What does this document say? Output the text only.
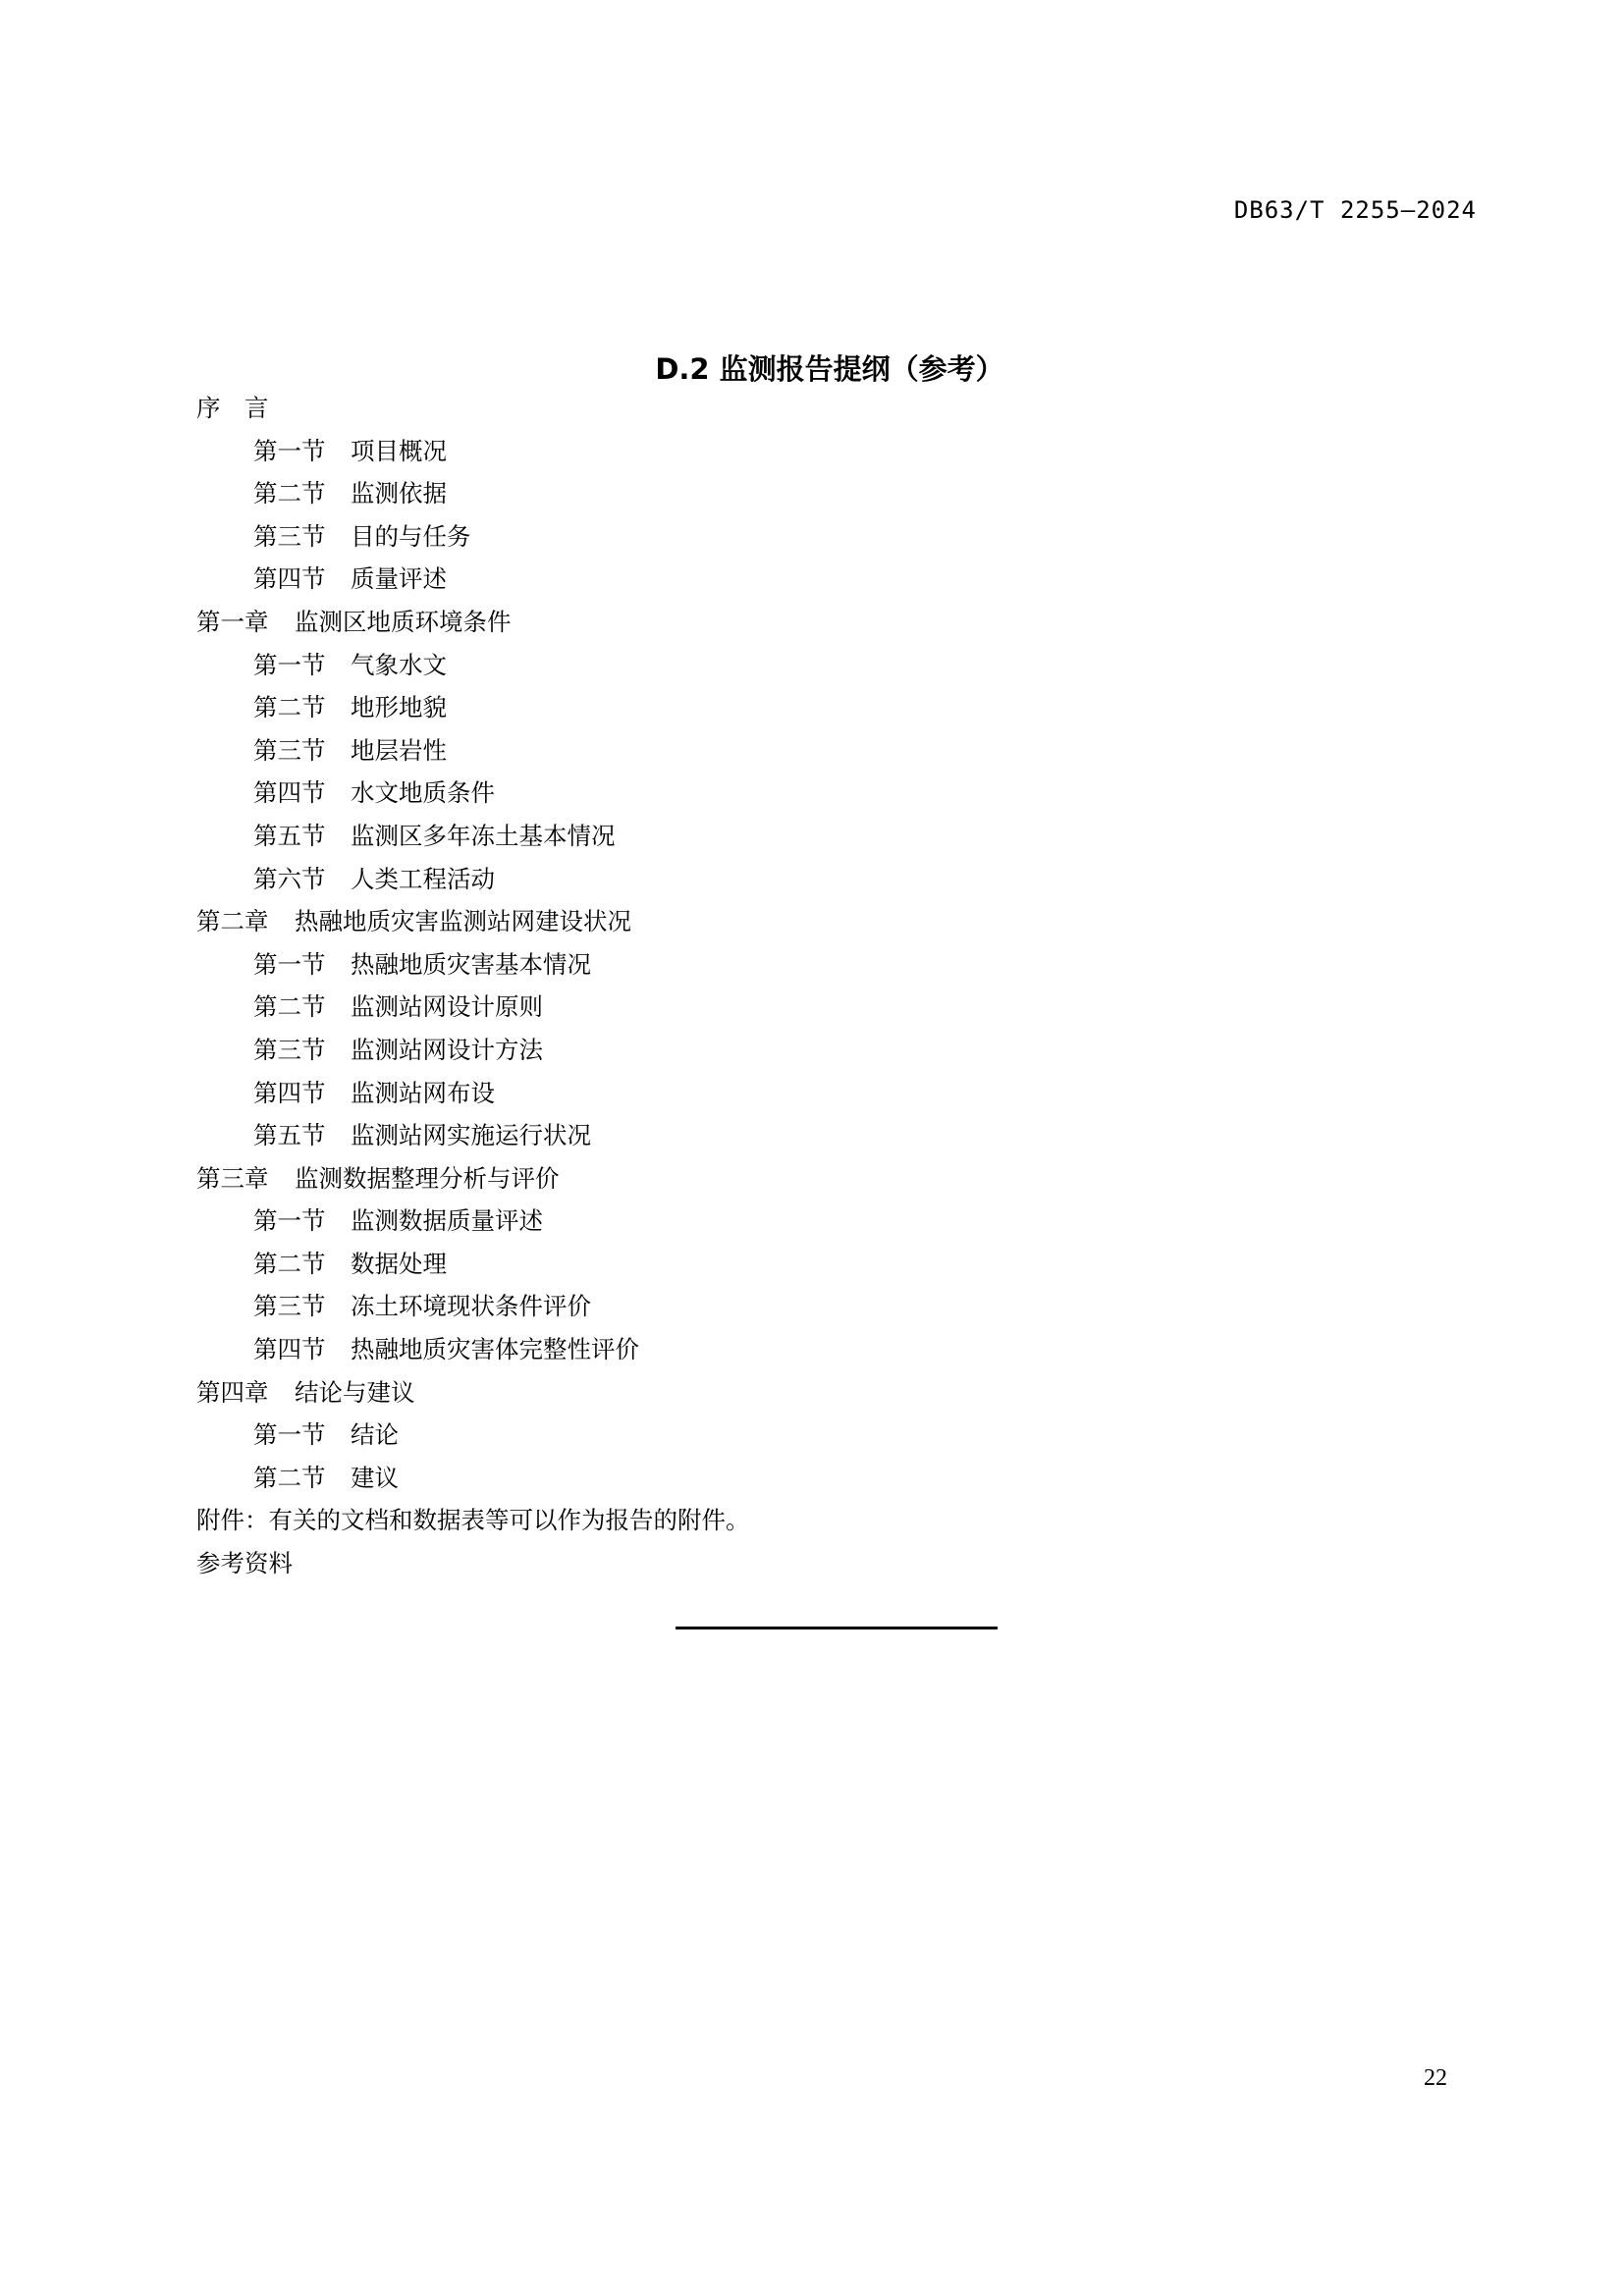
DB63/T 2255—2024
D.2 监测报告提纲（参考）
序　言
第一节 项目概况
第二节 监测依据
第三节 目的与任务
第四节 质量评述
第一章 监测区地质环境条件
第一节 气象水文
第二节 地形地貌
第三节 地层岩性
第四节 水文地质条件
第五节 监测区多年冻土基本情况
第六节 人类工程活动
第二章 热融地质灾害监测站网建设状况
第一节 热融地质灾害基本情况
第二节 监测站网设计原则
第三节 监测站网设计方法
第四节 监测站网布设
第五节 监测站网实施运行状况
第三章 监测数据整理分析与评价
第一节 监测数据质量评述
第二节 数据处理
第三节 冻土环境现状条件评价
第四节 热融地质灾害体完整性评价
第四章 结论与建议
第一节 结论
第二节 建议
附件：有关的文档和数据表等可以作为报告的附件。
参考资料
22
